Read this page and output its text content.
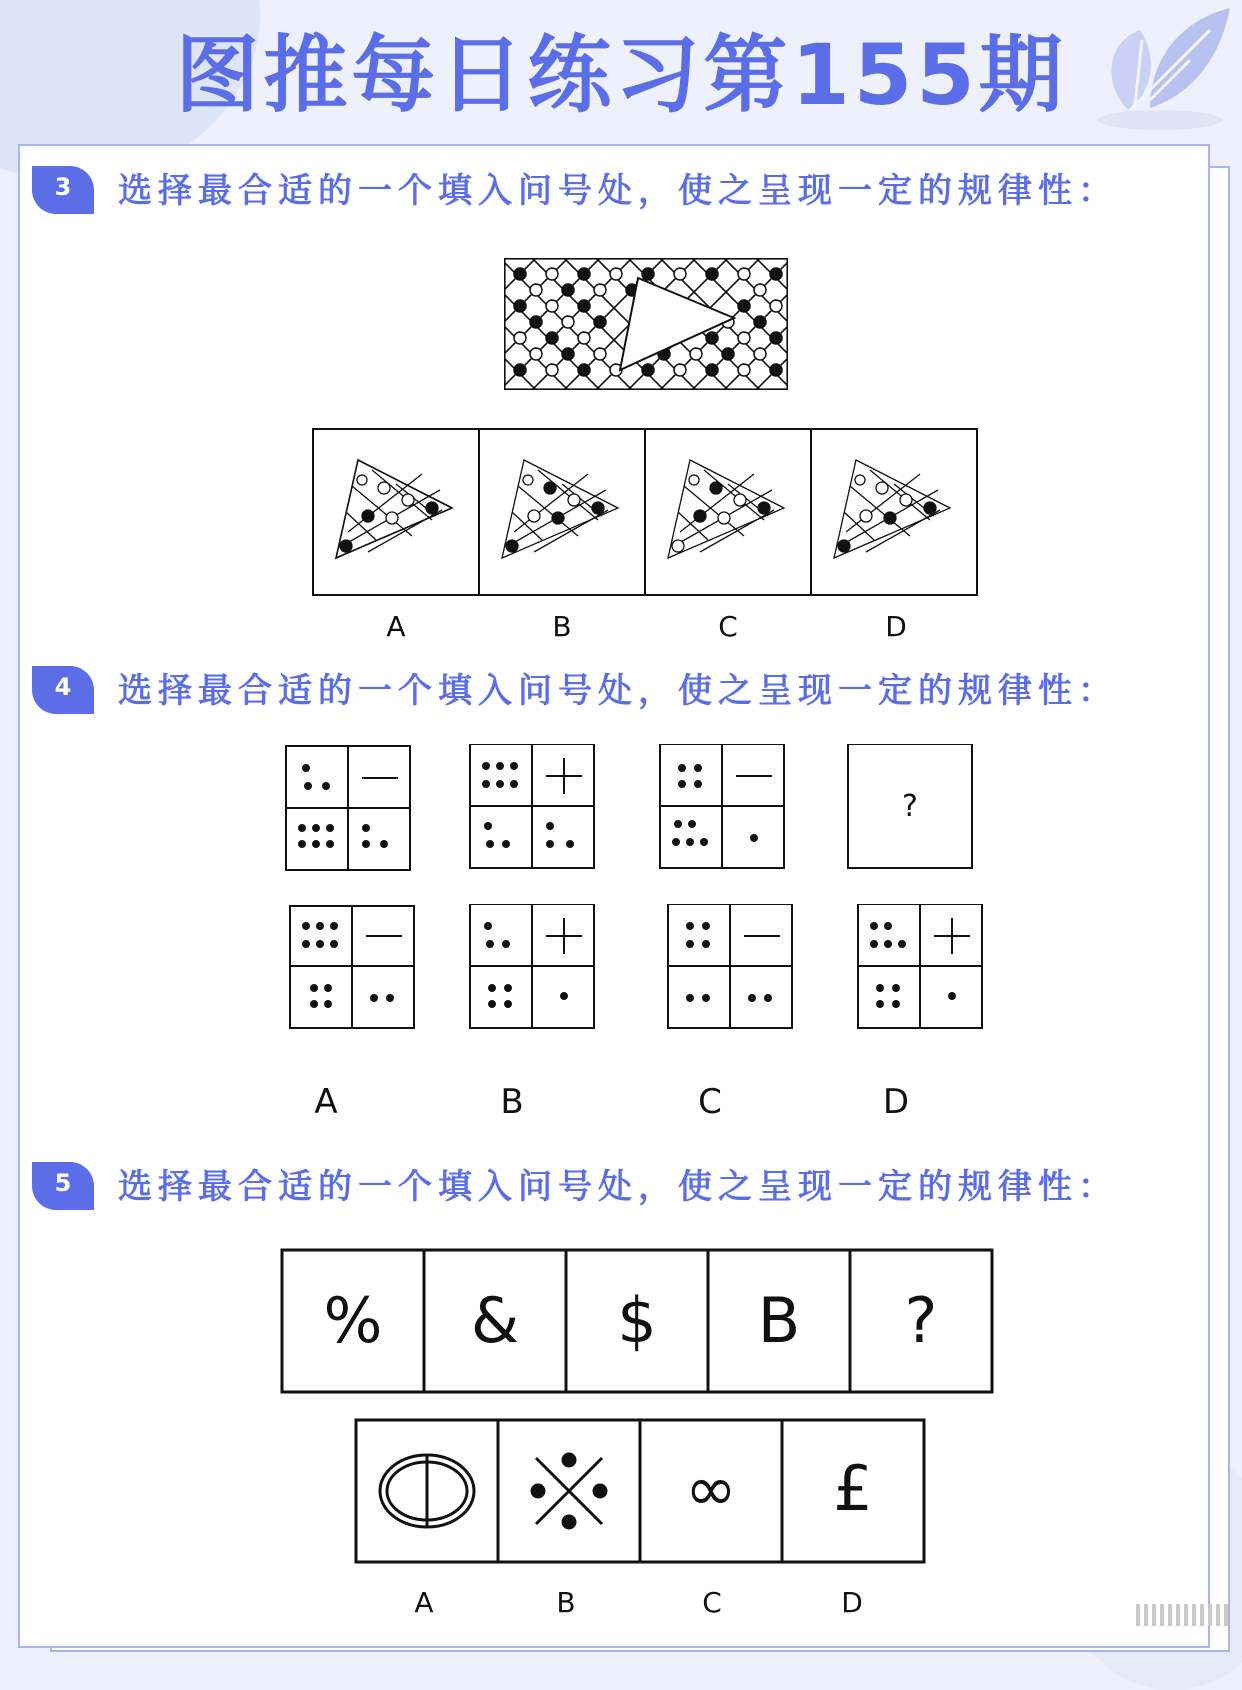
图推每日练习第155期
3	选择最合适的一个填入问号处，使之呈现一定的规律性：
A	B	C	D
4	选择最合适的一个填入问号处，使之呈现一定的规律性：
?
A	B	C	D
5	选择最合适的一个填入问号处，使之呈现一定的规律性：
%	&	$	B	?
∞	£
A	B	C	D
